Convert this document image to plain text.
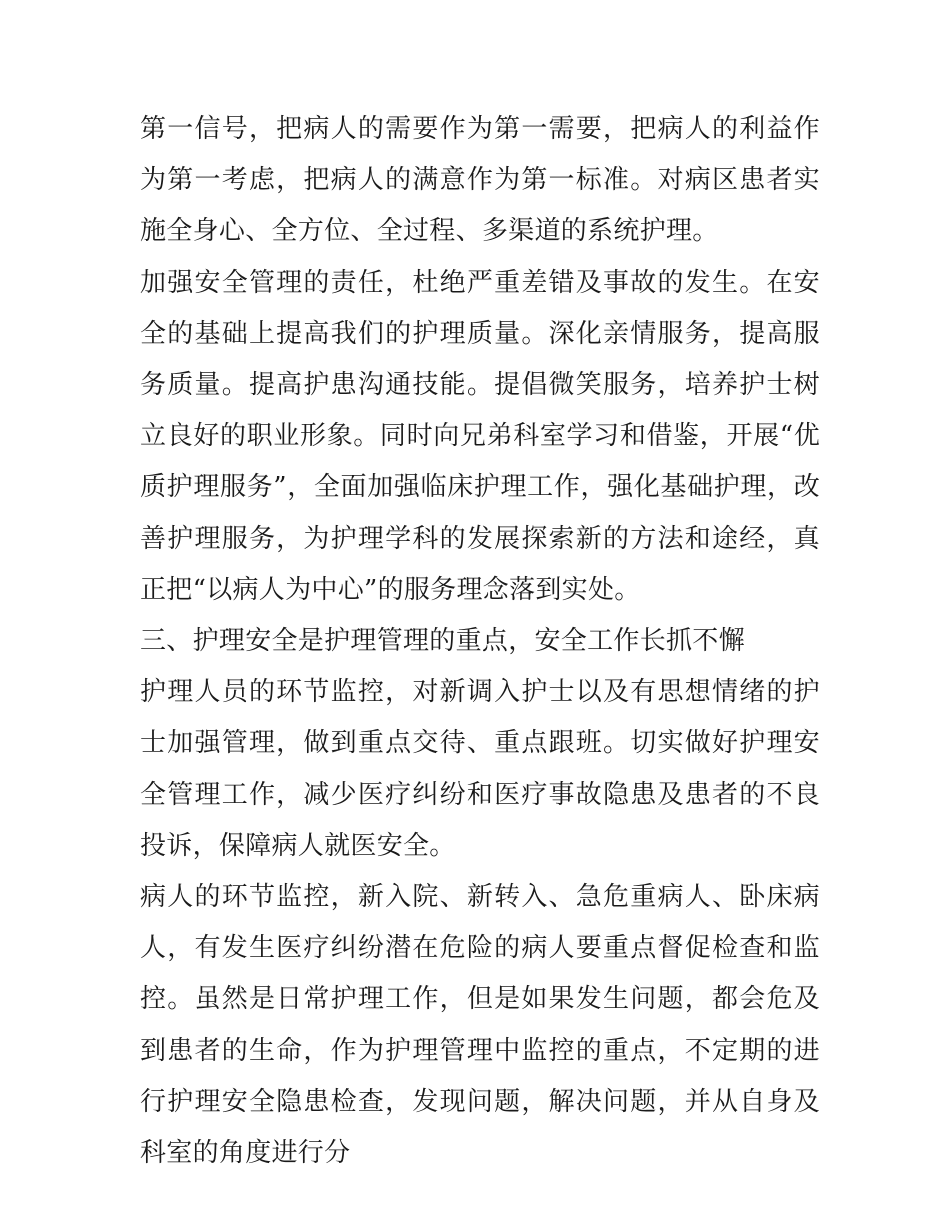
第一信号，把病人的需要作为第一需要，把病人的利益作为第一考虑，把病人的满意作为第一标准。对病区患者实施全身心、全方位、全过程、多渠道的系统护理。

加强安全管理的责任，杜绝严重差错及事故的发生。在安全的基础上提高我们的护理质量。深化亲情服务，提高服务质量。提高护患沟通技能。提倡微笑服务，培养护士树立良好的职业形象。同时向兄弟科室学习和借鉴，开展“优质护理服务”，全面加强临床护理工作，强化基础护理，改善护理服务，为护理学科的发展探索新的方法和途经，真正把“以病人为中心”的服务理念落到实处。

三、护理安全是护理管理的重点，安全工作长抓不懈

护理人员的环节监控，对新调入护士以及有思想情绪的护士加强管理，做到重点交待、重点跟班。切实做好护理安全管理工作，减少医疗纠纷和医疗事故隐患及患者的不良投诉，保障病人就医安全。

病人的环节监控，新入院、新转入、急危重病人、卧床病人，有发生医疗纠纷潜在危险的病人要重点督促检查和监控。虽然是日常护理工作，但是如果发生问题，都会危及到患者的生命，作为护理管理中监控的重点，不定期的进行护理安全隐患检查，发现问题，解决问题，并从自身及科室的角度进行分
